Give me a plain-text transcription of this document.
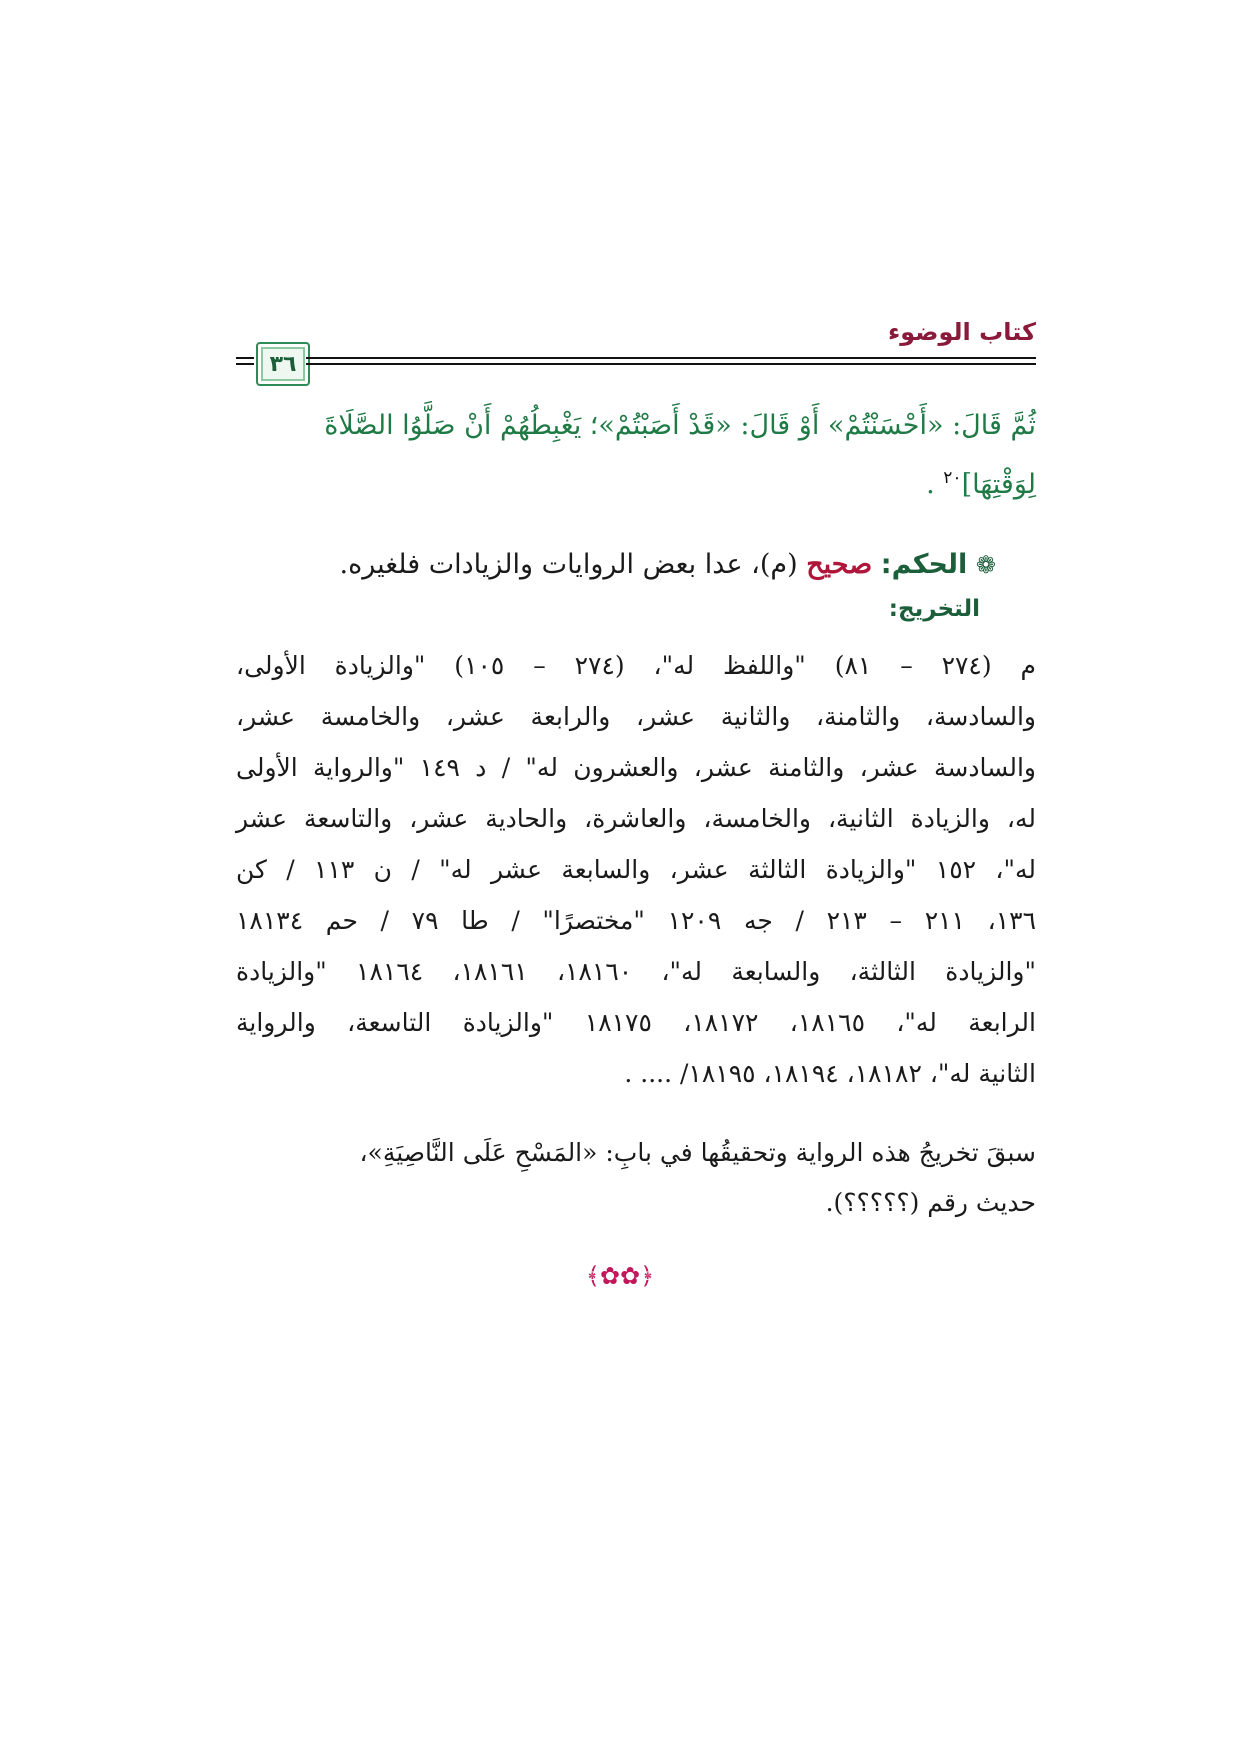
كتاب الوضوء
٣٦
ثُمَّ قَالَ: «أَحْسَنْتُمْ» أَوْ قَالَ: «قَدْ أَصَبْتُمْ»؛ يَغْبِطُهُمْ أَنْ صَلَّوُا الصَّلَاةَ
لِوَقْتِهَا]$^{٢٠}$ .
❁ الحكم: صحيح (م)، عدا بعض الروايات والزيادات فلغيره.
التخريج:
م (٢٧٤ – ٨١) "واللفظ له"، (٢٧٤ – ١٠٥) "والزيادة الأولى،
والسادسة، والثامنة، والثانية عشر، والرابعة عشر، والخامسة عشر،
والسادسة عشر، والثامنة عشر، والعشرون له" / د ١٤٩ "والرواية الأولى
له، والزيادة الثانية، والخامسة، والعاشرة، والحادية عشر، والتاسعة عشر
له"، ١٥٢ "والزيادة الثالثة عشر، والسابعة عشر له" / ن ١١٣ / كن
١٣٦، ٢١١ – ٢١٣ / جه ١٢٠٩ "مختصرًا" / طا ٧٩ / حم ١٨١٣٤
"والزيادة الثالثة، والسابعة له"، ١٨١٦٠، ١٨١٦١، ١٨١٦٤ "والزيادة
الرابعة له"، ١٨١٦٥، ١٨١٧٢، ١٨١٧٥ "والزيادة التاسعة، والرواية
الثانية له"، ١٨١٨٢، ١٨١٩٤، ١٨١٩٥/ .... .
سبقَ تخريجُ هذه الرواية وتحقيقُها في بابِ: «المَسْحِ عَلَى النَّاصِيَةِ»،
حديث رقم (؟؟؟؟؟).
﴾✿✿﴿
